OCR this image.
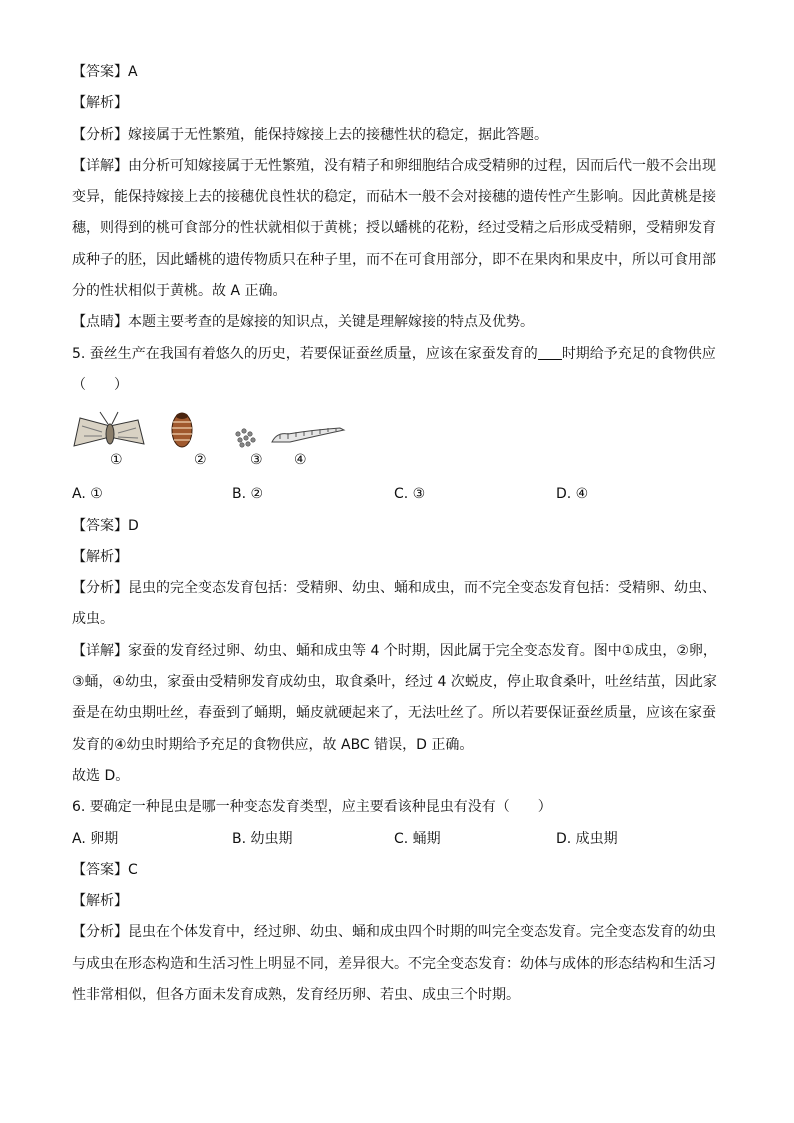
【答案】A
【解析】
【分析】嫁接属于无性繁殖，能保持嫁接上去的接穗性状的稳定，据此答题。
【详解】由分析可知嫁接属于无性繁殖，没有精子和卵细胞结合成受精卵的过程，因而后代一般不会出现
变异，能保持嫁接上去的接穗优良性状的稳定，而砧木一般不会对接穗的遗传性产生影响。因此黄桃是接
穗，则得到的桃可食部分的性状就相似于黄桃；授以蟠桃的花粉，经过受精之后形成受精卵，受精卵发育
成种子的胚，因此蟠桃的遗传物质只在种子里，而不在可食用部分，即不在果肉和果皮中，所以可食用部
分的性状相似于黄桃。故 A 正确。
【点睛】本题主要考查的是嫁接的知识点，关键是理解嫁接的特点及优势。
5. 蚕丝生产在我国有着悠久的历史，若要保证蚕丝质量，应该在家蚕发育的 时期给予充足的食物供应
（　　）
①	②	③ ④
A. ①	B. ②	C. ③	D. ④
【答案】D
【解析】
【分析】昆虫的完全变态发育包括：受精卵、幼虫、蛹和成虫，而不完全变态发育包括：受精卵、幼虫、
成虫。
【详解】家蚕的发育经过卵、幼虫、蛹和成虫等 4 个时期，因此属于完全变态发育。图中①成虫，②卵，
③蛹，④幼虫，家蚕由受精卵发育成幼虫，取食桑叶，经过 4 次蜕皮，停止取食桑叶，吐丝结茧，因此家
蚕是在幼虫期吐丝，春蚕到了蛹期，蛹皮就硬起来了，无法吐丝了。所以若要保证蚕丝质量，应该在家蚕
发育的④幼虫时期给予充足的食物供应，故 ABC 错误，D 正确。
故选 D。
6. 要确定一种昆虫是哪一种变态发育类型，应主要看该种昆虫有没有（　　）
A. 卵期	B. 幼虫期	C. 蛹期	D. 成虫期
【答案】C
【解析】
【分析】昆虫在个体发育中，经过卵、幼虫、蛹和成虫四个时期的叫完全变态发育。完全变态发育的幼虫
与成虫在形态构造和生活习性上明显不同，差异很大。不完全变态发育：幼体与成体的形态结构和生活习
性非常相似，但各方面未发育成熟，发育经历卵、若虫、成虫三个时期。
